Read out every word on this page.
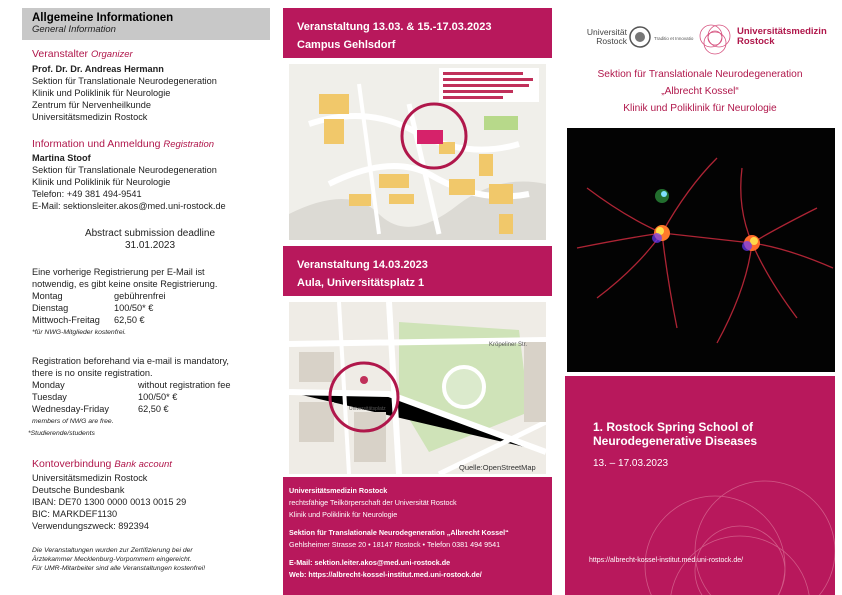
Allgemeine Informationen
General Information
Veranstalter Organizer
Prof. Dr. Dr. Andreas Hermann
Sektion für Translationale Neurodegeneration
Klinik und Poliklinik für Neurologie
Zentrum für Nervenheilkunde
Universitätsmedizin Rostock
Information und Anmeldung Registration
Martina Stoof
Sektion für Translationale Neurodegeneration
Klinik und Poliklinik für Neurologie
Telefon: +49 381 494-9541
E-Mail: sektionsleiter.akos@med.uni-rostock.de
Abstract submission deadline
31.01.2023
Eine vorherige Registrierung per E-Mail ist
notwendig, es gibt keine onsite Registrierung.
Montag	gebührenfrei
Dienstag	100/50* €
Mittwoch-Freitag	62,50 €
*für NWG-Mitglieder kostenfrei.
Registration beforehand via e-mail is mandatory,
there is no onsite registration.
Monday	without registration fee
Tuesday	100/50* €
Wednesday-Friday	62,50 €
members of NWG are free.
*Studierende/students
Kontoverbindung Bank account
Universitätsmedizin Rostock
Deutsche Bundesbank
IBAN: DE70 1300 0000 0013 0015 29
BIC: MARKDEF1130
Verwendungszweck: 892394
Die Veranstaltungen wurden zur Zertifizierung bei der
Ärztekammer Mecklenburg-Vorpommern eingereicht.
Für UMR-Mitarbeiter sind alle Veranstaltungen kostenfrei!
Veranstaltung 13.03. & 15.-17.03.2023
Campus Gehlsdorf
Veranstaltung 14.03.2023
Aula, Universitätsplatz 1
Kröpeliner Str.
Universitätsplatz
Quelle:OpenStreetMap
Universitätsmedizin Rostock
rechtsfähige Teilkörperschaft der Universität Rostock
Klinik und Poliklinik für Neurologie
Sektion für Translationale Neurodegeneration „Albrecht Kossel“
Gehlsheimer Strasse 20 • 18147 Rostock • Telefon 0381 494 9541
E-Mail: sektion.leiter.akos@med.uni-rostock.de
Web: https://albrecht-kossel-institut.med.uni-rostock.de/
Universität
Rostock	Traditio et Innovatio
Universitätsmedizin
Rostock
Sektion für Translationale Neurodegeneration
„Albrecht Kossel“
Klinik und Poliklinik für Neurologie
1. Rostock Spring School of
Neurodegenerative Diseases
13. – 17.03.2023
https://albrecht-kossel-institut.med.uni-rostock.de/
